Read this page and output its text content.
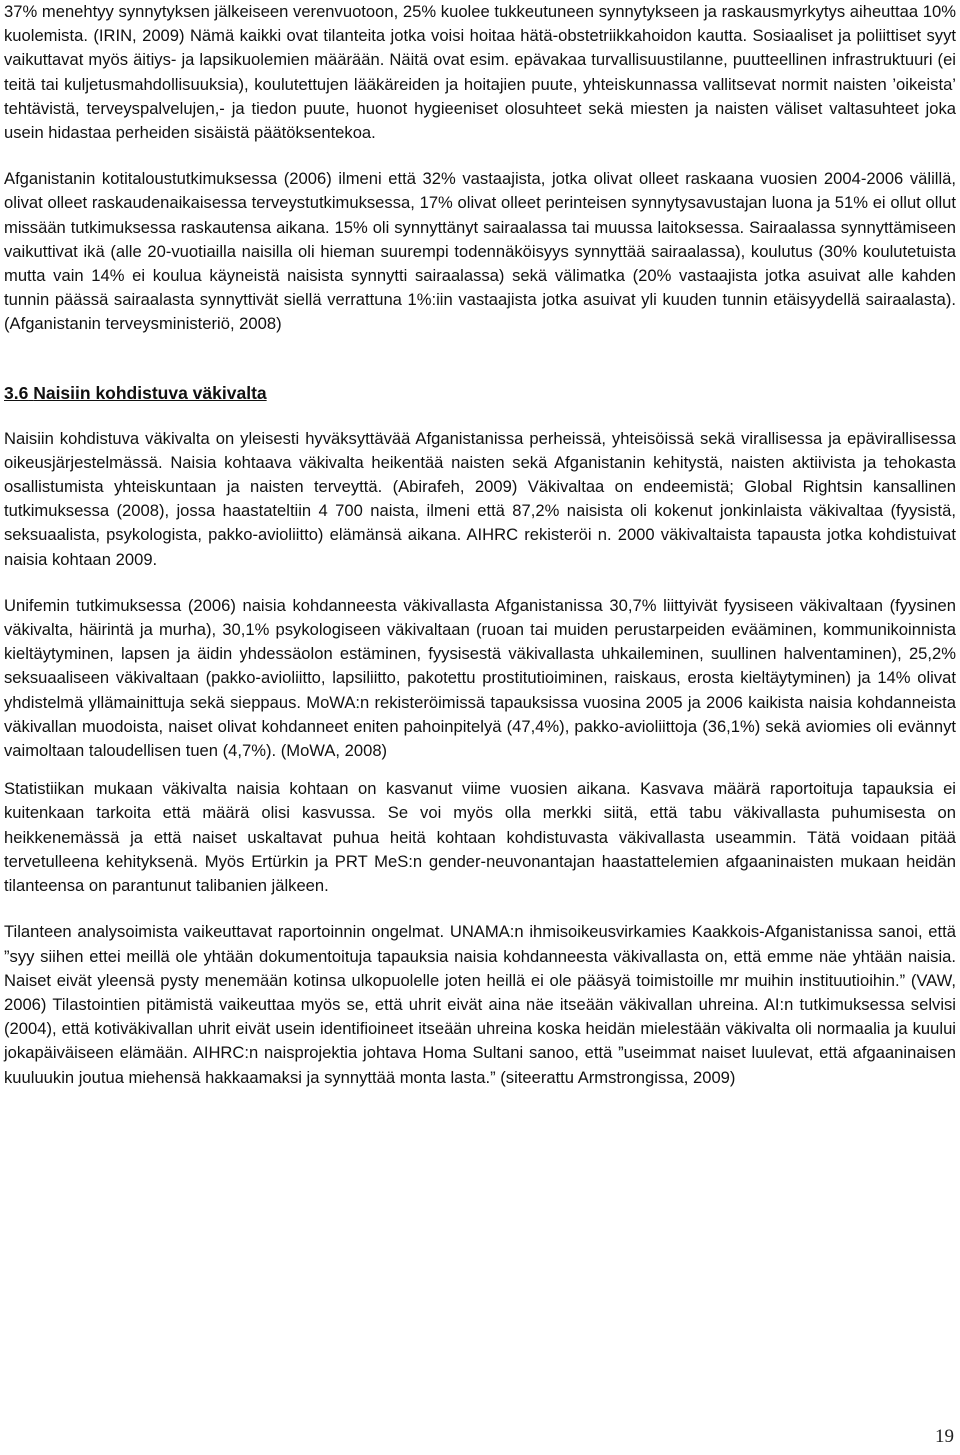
37% menehtyy synnytyksen jälkeiseen verenvuotoon, 25% kuolee tukkeutuneen synnytykseen ja raskausmyrkytys aiheuttaa 10% kuolemista. (IRIN, 2009) Nämä kaikki ovat tilanteita jotka voisi hoitaa hätä-obstetriikkahoidon kautta. Sosiaaliset ja poliittiset syyt vaikuttavat myös äitiys- ja lapsikuolemien määrään. Näitä ovat esim. epävakaa turvallisuustilanne, puutteellinen infrastruktuuri (ei teitä tai kuljetusmahdollisuuksia), koulutettujen lääkäreiden ja hoitajien puute, yhteiskunnassa vallitsevat normit naisten ’oikeista’ tehtävistä, terveyspalvelujen,- ja tiedon puute, huonot hygieeniset olosuhteet sekä miesten ja naisten väliset valtasuhteet joka usein hidastaa perheiden sisäistä päätöksentekoa.

Afganistanin kotitaloustutkimuksessa (2006) ilmeni että 32% vastaajista, jotka olivat olleet raskaana vuosien 2004-2006 välillä, olivat olleet raskaudenaikaisessa terveystutkimuksessa, 17% olivat olleet perinteisen synnytysavustajan luona ja 51% ei ollut ollut missään tutkimuksessa raskautensa aikana. 15% oli synnyttänyt sairaalassa tai muussa laitoksessa. Sairaalassa synnyttämiseen vaikuttivat ikä (alle 20-vuotiailla naisilla oli hieman suurempi todennäköisyys synnyttää sairaalassa), koulutus (30% koulutetuista mutta vain 14% ei koulua käyneistä naisista synnytti sairaalassa) sekä välimatka (20% vastaajista jotka asuivat alle kahden tunnin päässä sairaalasta synnyttivät siellä verrattuna 1%:iin vastaajista jotka asuivat yli kuuden tunnin etäisyydellä sairaalasta). (Afganistanin terveysministeriö, 2008)

3.6 Naisiin kohdistuva väkivalta

Naisiin kohdistuva väkivalta on yleisesti hyväksyttävää Afganistanissa perheissä, yhteisöissä sekä virallisessa ja epävirallisessa oikeusjärjestelmässä. Naisia kohtaava väkivalta heikentää naisten sekä Afganistanin kehitystä, naisten aktiivista ja tehokasta osallistumista yhteiskuntaan ja naisten terveyttä. (Abirafeh, 2009) Väkivaltaa on endeemistä; Global Rightsin kansallinen tutkimuksessa (2008), jossa haastateltiin 4 700 naista, ilmeni että 87,2% naisista oli kokenut jonkinlaista väkivaltaa (fyysistä, seksuaalista, psykologista, pakko-avioliitto) elämänsä aikana. AIHRC rekisteröi n. 2000 väkivaltaista tapausta jotka kohdistuivat naisia kohtaan 2009.

Unifemin tutkimuksessa (2006) naisia kohdanneesta väkivallasta Afganistanissa 30,7% liittyivät fyysiseen väkivaltaan (fyysinen väkivalta, häirintä ja murha), 30,1% psykologiseen väkivaltaan (ruoan tai muiden perustarpeiden evääminen, kommunikoinnista kieltäytyminen, lapsen ja äidin yhdessäolon estäminen, fyysisestä väkivallasta uhkaileminen, suullinen halventaminen), 25,2% seksuaaliseen väkivaltaan (pakko-avioliitto, lapsiliitto, pakotettu prostitutioiminen, raiskaus, erosta kieltäytyminen) ja 14% olivat yhdistelmä yllämainittuja sekä sieppaus. MoWA:n rekisteröimissä tapauksissa vuosina 2005 ja 2006 kaikista naisia kohdanneista väkivallan muodoista, naiset olivat kohdanneet eniten pahoinpitelyä (47,4%), pakko-avioliittoja (36,1%) sekä aviomies oli evännyt vaimoltaan taloudellisen tuen (4,7%). (MoWA, 2008)

Statistiikan mukaan väkivalta naisia kohtaan on kasvanut viime vuosien aikana. Kasvava määrä raportoituja tapauksia ei kuitenkaan tarkoita että määrä olisi kasvussa. Se voi myös olla merkki siitä, että tabu väkivallasta puhumisesta on heikkenemässä ja että naiset uskaltavat puhua heitä kohtaan kohdistuvasta väkivallasta useammin. Tätä voidaan pitää tervetulleena kehityksenä. Myös Ertürkin ja PRT MeS:n gender-neuvonantajan haastattelemien afgaaninaisten mukaan heidän tilanteensa on parantunut talibanien jälkeen.

Tilanteen analysoimista vaikeuttavat raportoinnin ongelmat. UNAMA:n ihmisoikeusvirkamies Kaakkois-Afganistanissa sanoi, että ”syy siihen ettei meillä ole yhtään dokumentoituja tapauksia naisia kohdanneesta väkivallasta on, että emme näe yhtään naisia. Naiset eivät yleensä pysty menemään kotinsa ulkopuolelle joten heillä ei ole pääsyä toimistoille mr muihin instituutioihin.” (VAW, 2006) Tilastointien pitämistä vaikeuttaa myös se, että uhrit eivät aina näe itseään väkivallan uhreina. AI:n tutkimuksessa selvisi (2004), että kotiväkivallan uhrit eivät usein identifioineet itseään uhreina koska heidän mielestään väkivalta oli normaalia ja kuului jokapäiväiseen elämään. AIHRC:n naisprojektia johtava Homa Sultani sanoo, että ”useimmat naiset luulevat, että afgaaninaisen kuuluukin joutua miehensä hakkaamaksi ja synnyttää monta lasta.” (siteerattu Armstrongissa, 2009)

19
